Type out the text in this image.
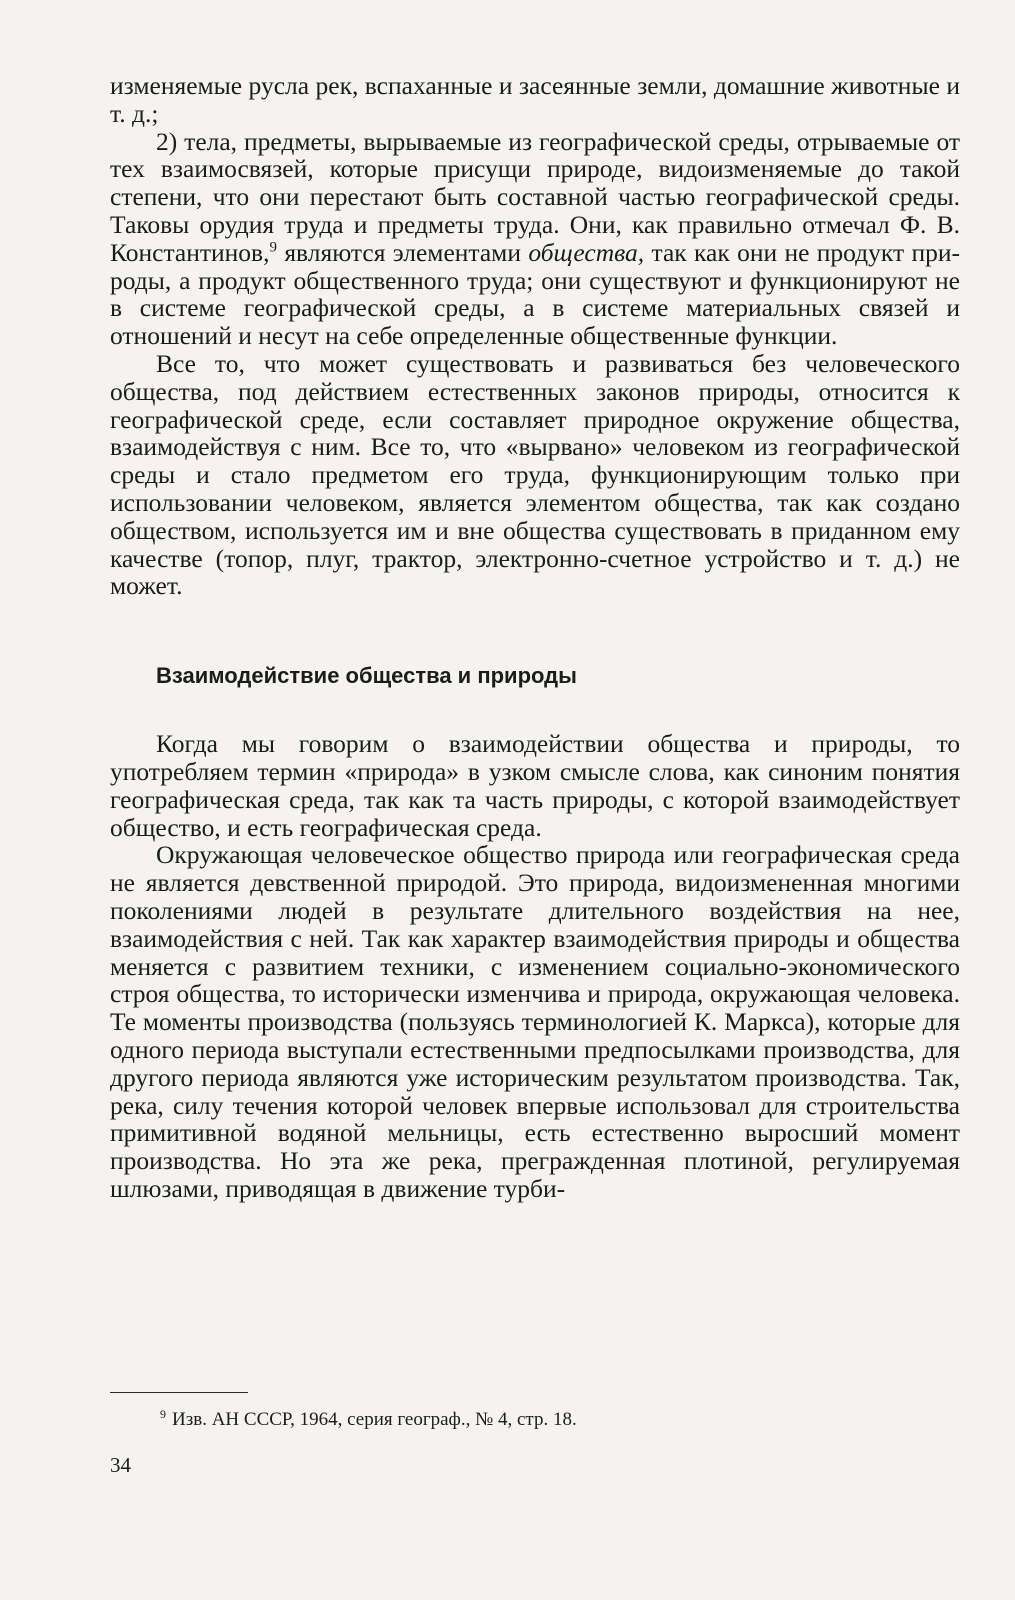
изменяемые русла рек, вспаханные и засеянные земли, домашние животные и т. д.;

2) тела, предметы, вырываемые из географической среды, отрываемые от тех взаимосвязей, которые присущи природе, видоизменяемые до такой степени, что они перестают быть составной частью географической среды. Таковы орудия труда и предметы труда. Они, как правильно отмечал Ф. В. Константинов,$^9$ являются элементами общества, так как они не продукт природы, а продукт общественного труда; они существуют и функционируют не в системе географической среды, а в системе материальных связей и отношений и несут на себе определенные общественные функции.

Все то, что может существовать и развиваться без человеческого общества, под действием естественных законов природы, относится к географической среде, если составляет природное окружение общества, взаимодействуя с ним. Все то, что «вырвано» человеком из географической среды и стало предметом его труда, функционирующим только при использовании человеком, является элементом общества, так как создано обществом, используется им и вне общества существовать в приданном ему качестве (топор, плуг, трактор, электронно-счетное устройство и т. д.) не может.

Взаимодействие общества и природы

Когда мы говорим о взаимодействии общества и природы, то употребляем термин «природа» в узком смысле слова, как синоним понятия географическая среда, так как та часть природы, с которой взаимодействует общество, и есть географическая среда.

Окружающая человеческое общество природа или географическая среда не является девственной природой. Это природа, видоизмененная многими поколениями людей в результате длительного воздействия на нее, взаимодействия с ней. Так как характер взаимодействия природы и общества меняется с развитием техники, с изменением социально-экономического строя общества, то исторически изменчива и природа, окружающая человека. Те моменты производства (пользуясь терминологией К. Маркса), которые для одного периода выступали естественными предпосылками производства, для другого периода являются уже историческим результатом производства. Так, река, силу течения которой человек впервые использовал для строительства примитивной водяной мельницы, есть естественно выросший момент производства. Но эта же река, прегражденная плотиной, регулируемая шлюзами, приводящая в движение турби-

$^9$ Изв. АН СССР, 1964, серия географ., № 4, стр. 18.
34
